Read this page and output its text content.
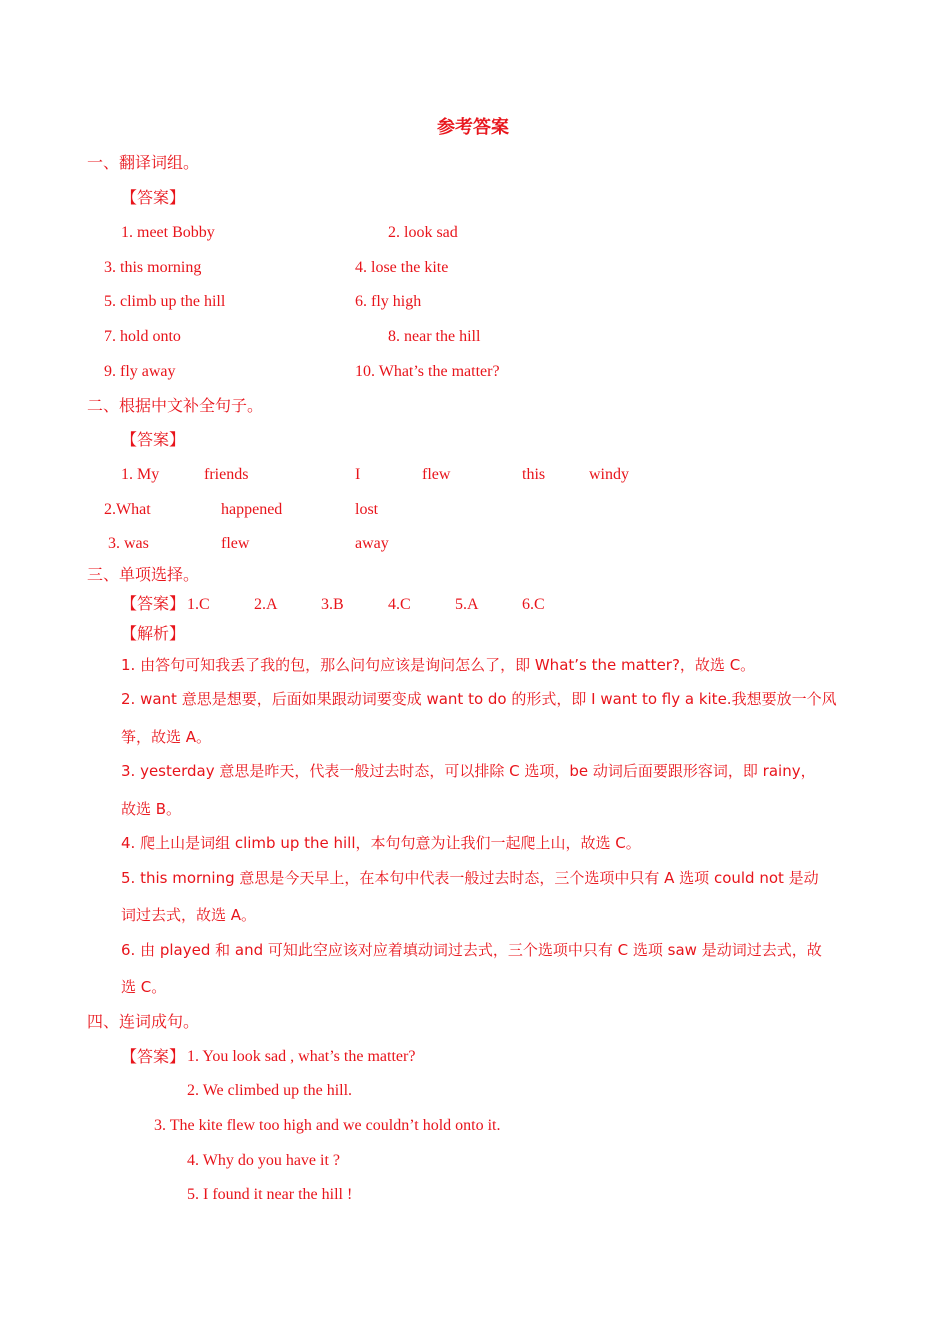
参考答案
一、翻译词组。
【答案】
1. meet Bobby	2. look sad
3. this morning	4. lose the kite
5. climb up the hill	6. fly high
7. hold onto	8. near the hill
9. fly away	10. What’s the matter?
二、根据中文补全句子。
【答案】
1. My	friends	I	flew	this	windy
2.What	happened	lost
3. was	flew	away
三、单项选择。
【答案】 1.C	2.A	3.B	4.C	5.A	6.C
【解析】
1. 由答句可知我丢了我的包，那么问句应该是询问怎么了，即 What’s the matter?，故选 C。
2. want 意思是想要，后面如果跟动词要变成 want to do 的形式，即 I want to fly a kite.我想要放一个风
筝，故选 A。
3. yesterday 意思是昨天，代表一般过去时态，可以排除 C 选项，be 动词后面要跟形容词，即 rainy，
故选 B。
4. 爬上山是词组 climb up the hill，本句句意为让我们一起爬上山，故选 C。
5. this morning 意思是今天早上，在本句中代表一般过去时态，三个选项中只有 A 选项 could not 是动
词过去式，故选 A。
6. 由 played 和 and 可知此空应该对应着填动词过去式，三个选项中只有 C 选项 saw 是动词过去式，故
选 C。
四、连词成句。
【答案】 1. You look sad , what’s the matter?
2. We climbed up the hill.
3. The kite flew too high and we couldn’t hold onto it.
4. Why do you have it ?
5. I found it near the hill !
